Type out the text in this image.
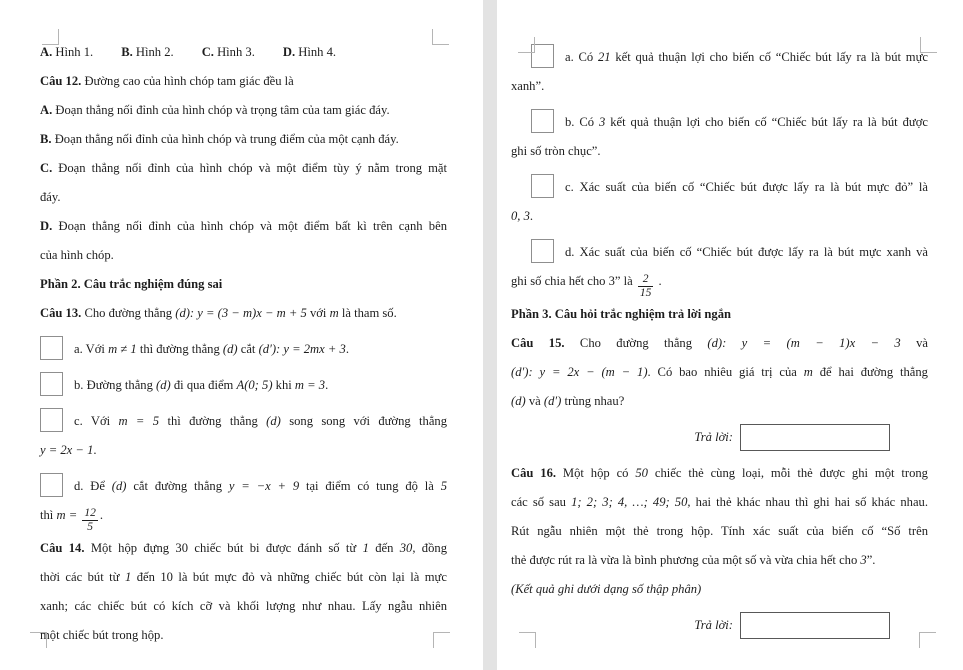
A. Hình 1. B. Hình 2. C. Hình 3. D. Hình 4.

Câu 12. Đường cao của hình chóp tam giác đều là

A. Đoạn thẳng nối đỉnh của hình chóp và trọng tâm của tam giác đáy.

B. Đoạn thẳng nối đỉnh của hình chóp và trung điểm của một cạnh đáy.

C. Đoạn thẳng nối đỉnh của hình chóp và một điểm tùy ý nằm trong mặt
đáy.

D. Đoạn thẳng nối đỉnh của hình chóp và một điểm bất kì trên cạnh bên
của hình chóp.

Phần 2. Câu trắc nghiệm đúng sai

Câu 13. Cho đường thẳng (d): y = (3 − m)x − m + 5 với m là tham số.

a. Với m ≠ 1 thì đường thẳng (d) cắt (d′): y = 2mx + 3.

b. Đường thẳng (d) đi qua điểm A(0; 5) khi m = 3.

c. Với m = 5 thì đường thẳng (d) song song với đường thẳng
y = 2x − 1.

d. Để (d) cắt đường thẳng y = −x + 9 tại điểm có tung độ là 5
thì $m = \frac{12}{5}$ .

Câu 14. Một hộp đựng 30 chiếc bút bi được đánh số từ 1 đến 30, đồng
thời các bút từ 1 đến 10 là bút mực đỏ và những chiếc bút còn lại là mực
xanh; các chiếc bút có kích cỡ và khối lượng như nhau. Lấy ngẫu nhiên
một chiếc bút trong hộp.

a. Có 21 kết quả thuận lợi cho biến cố “Chiếc bút lấy ra là bút mực
xanh”.

b. Có 3 kết quả thuận lợi cho biến cố “Chiếc bút lấy ra là bút được
ghi số tròn chục”.

c. Xác suất của biến cố “Chiếc bút được lấy ra là bút mực đỏ” là
0, 3.

d. Xác suất của biến cố “Chiếc bút được lấy ra là bút mực xanh và
ghi số chia hết cho 3” là $\frac{2}{15}$ .

Phần 3. Câu hỏi trắc nghiệm trả lời ngắn

Câu 15. Cho đường thẳng (d): y = (m − 1)x − 3 và
(d′): y = 2x − (m − 1). Có bao nhiêu giá trị của m để hai đường thẳng
(d) và (d′) trùng nhau?

Trả lời:

Câu 16. Một hộp có 50 chiếc thẻ cùng loại, mỗi thẻ được ghi một trong
các số sau 1; 2; 3; 4, …; 49; 50, hai thẻ khác nhau thì ghi hai số khác nhau.
Rút ngẫu nhiên một thẻ trong hộp. Tính xác suất của biến cố “Số trên
thẻ được rút ra là vừa là bình phương của một số và vừa chia hết cho 3”.

(Kết quả ghi dưới dạng số thập phân)

Trả lời:
